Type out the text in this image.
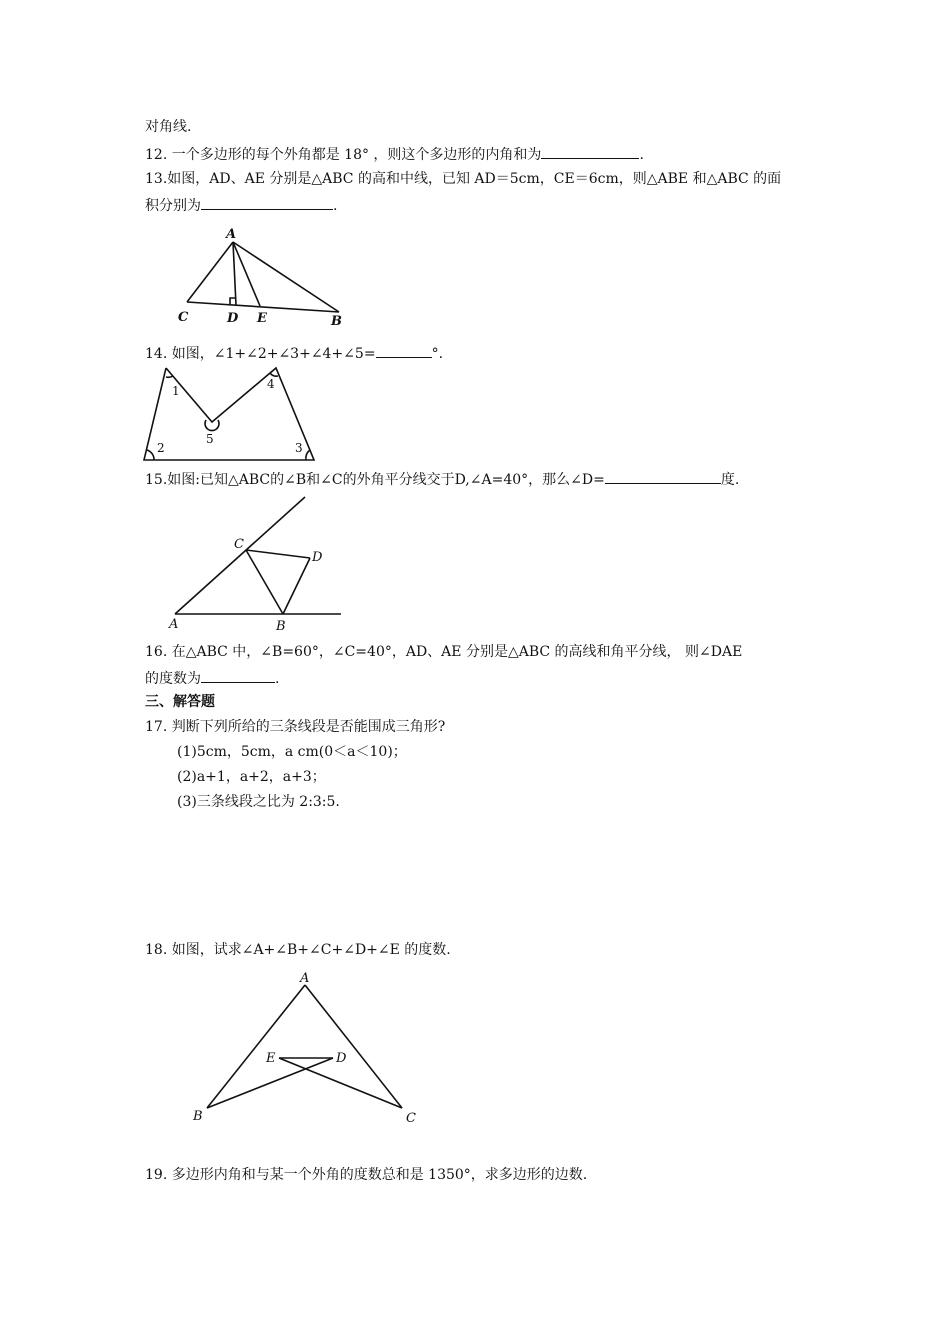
对角线.
12. 一个多边形的每个外角都是 18° ，则这个多边形的内角和为	.
13.如图，AD、AE 分别是△ABC 的高和中线，已知 AD＝5cm，CE＝6cm，则△ABE 和△ABC 的面
积分别为	.
A
C	D E	B
14. 如图，∠1+∠2+∠3+∠4+∠5=	°.
1
2	3
4
5
15.如图:已知△ABC的∠B和∠C的外角平分线交于D,∠A=40°，那么∠D=	度.
C
D
A	B
16. 在△ABC 中，∠B=60°，∠C=40°，AD、AE 分别是△ABC 的高线和角平分线， 则∠DAE
的度数为	.
三、解答题
17. 判断下列所给的三条线段是否能围成三角形?
(1)5cm，5cm，a cm(0＜a＜10)；
(2)a+1，a+2，a+3；
(3)三条线段之比为 2:3:5.
18. 如图，试求∠A+∠B+∠C+∠D+∠E 的度数.
A
E	D
B	C
19. 多边形内角和与某一个外角的度数总和是 1350°，求多边形的边数.
